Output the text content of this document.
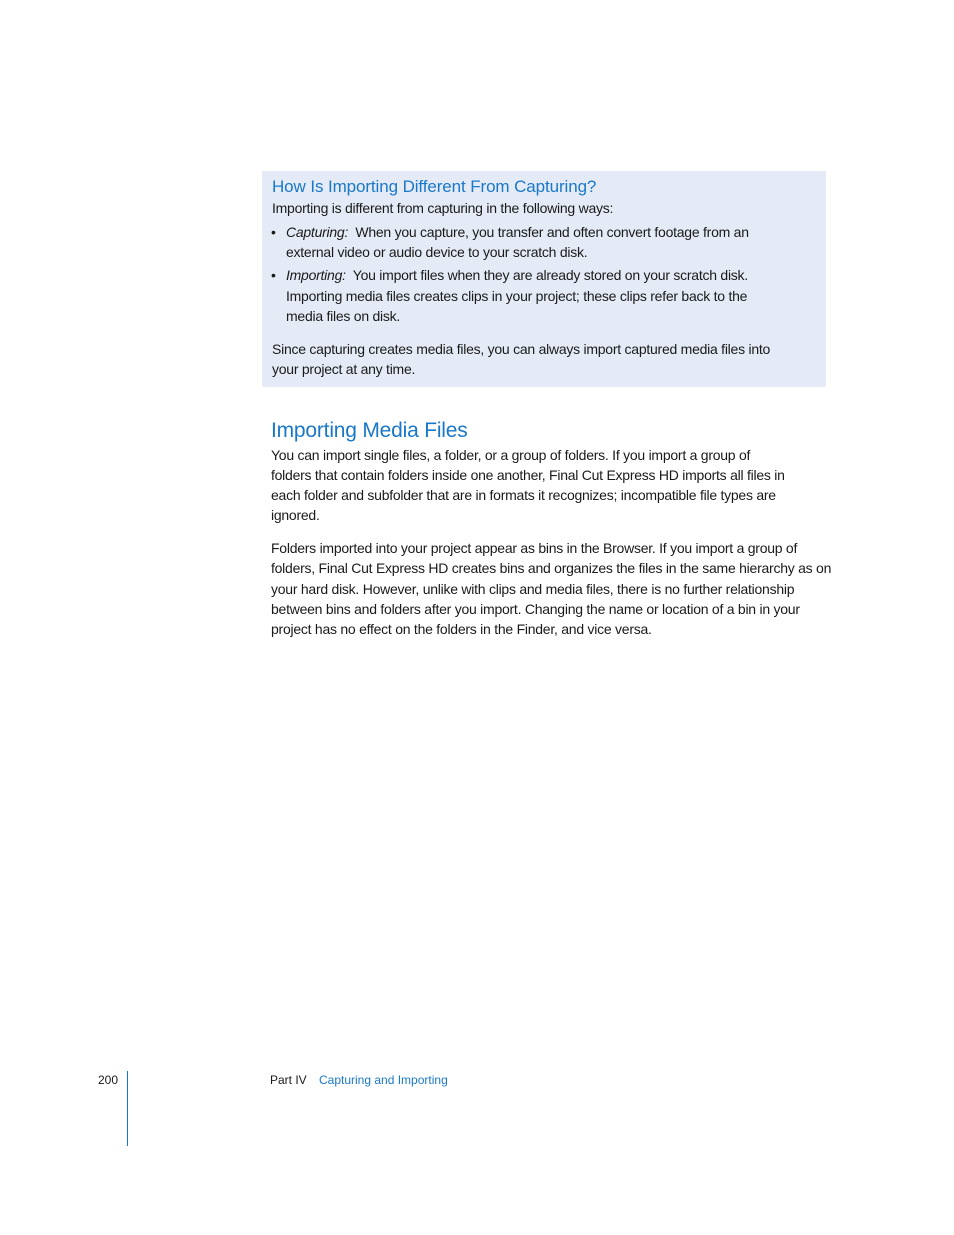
How Is Importing Different From Capturing?
Importing is different from capturing in the following ways:
• Capturing: When you capture, you transfer and often convert footage from an
external video or audio device to your scratch disk.
• Importing: You import files when they are already stored on your scratch disk.
Importing media files creates clips in your project; these clips refer back to the
media files on disk.
Since capturing creates media files, you can always import captured media files into
your project at any time.
Importing Media Files
You can import single files, a folder, or a group of folders. If you import a group of
folders that contain folders inside one another, Final Cut Express HD imports all files in
each folder and subfolder that are in formats it recognizes; incompatible file types are
ignored.
Folders imported into your project appear as bins in the Browser. If you import a group of
folders, Final Cut Express HD creates bins and organizes the files in the same hierarchy as on
your hard disk. However, unlike with clips and media files, there is no further relationship
between bins and folders after you import. Changing the name or location of a bin in your
project has no effect on the folders in the Finder, and vice versa.
200	Part IV Capturing and Importing
